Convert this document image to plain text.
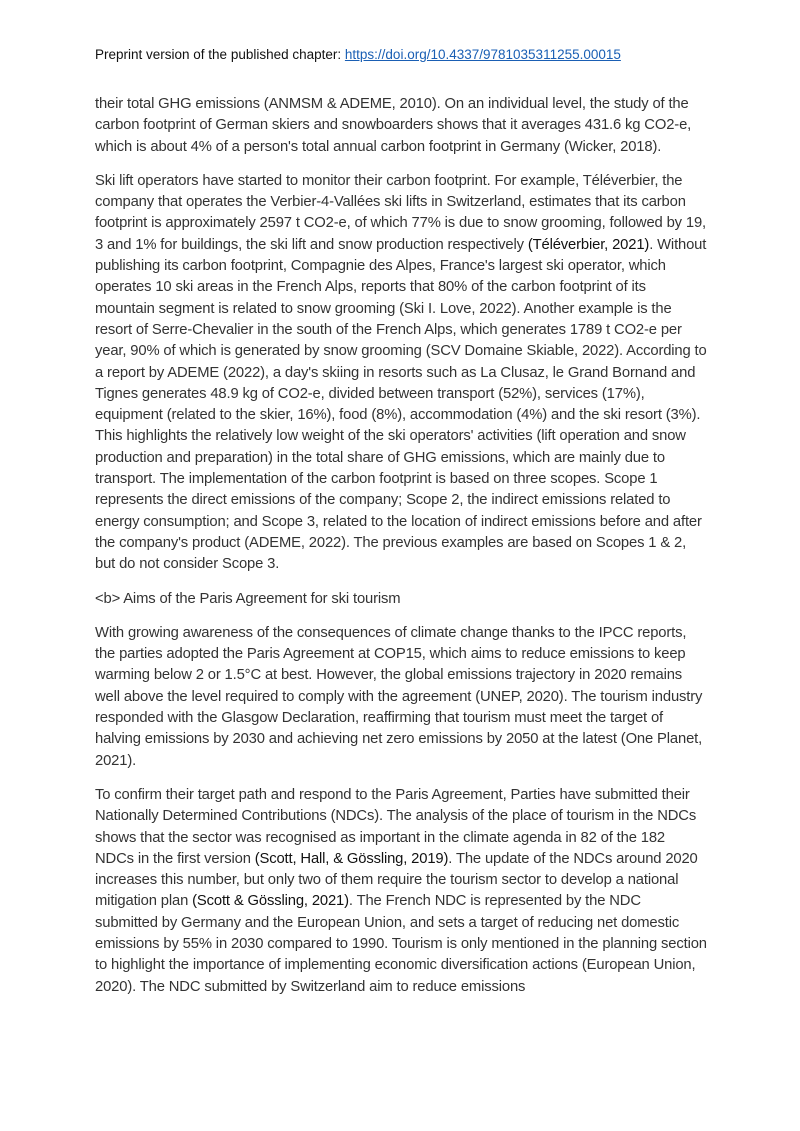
Preprint version of the published chapter: https://doi.org/10.4337/9781035311255.00015

their total GHG emissions (ANMSM & ADEME, 2010). On an individual level, the study of the carbon footprint of German skiers and snowboarders shows that it averages 431.6 kg CO2-e, which is about 4% of a person's total annual carbon footprint in Germany (Wicker, 2018).

Ski lift operators have started to monitor their carbon footprint. For example, Téléverbier, the company that operates the Verbier-4-Vallées ski lifts in Switzerland, estimates that its carbon footprint is approximately 2597 t CO2-e, of which 77% is due to snow grooming, followed by 19, 3 and 1% for buildings, the ski lift and snow production respectively (Téléverbier, 2021). Without publishing its carbon footprint, Compagnie des Alpes, France's largest ski operator, which operates 10 ski areas in the French Alps, reports that 80% of the carbon footprint of its mountain segment is related to snow grooming (Ski I. Love, 2022). Another example is the resort of Serre-Chevalier in the south of the French Alps, which generates 1789 t CO2-e per year, 90% of which is generated by snow grooming (SCV Domaine Skiable, 2022). According to a report by ADEME (2022), a day's skiing in resorts such as La Clusaz, le Grand Bornand and Tignes generates 48.9 kg of CO2-e, divided between transport (52%), services (17%), equipment (related to the skier, 16%), food (8%), accommodation (4%) and the ski resort (3%). This highlights the relatively low weight of the ski operators' activities (lift operation and snow production and preparation) in the total share of GHG emissions, which are mainly due to transport. The implementation of the carbon footprint is based on three scopes. Scope 1 represents the direct emissions of the company; Scope 2, the indirect emissions related to energy consumption; and Scope 3, related to the location of indirect emissions before and after the company's product (ADEME, 2022). The previous examples are based on Scopes 1 & 2, but do not consider Scope 3.

<b> Aims of the Paris Agreement for ski tourism

With growing awareness of the consequences of climate change thanks to the IPCC reports, the parties adopted the Paris Agreement at COP15, which aims to reduce emissions to keep warming below 2 or 1.5°C at best. However, the global emissions trajectory in 2020 remains well above the level required to comply with the agreement (UNEP, 2020). The tourism industry responded with the Glasgow Declaration, reaffirming that tourism must meet the target of halving emissions by 2030 and achieving net zero emissions by 2050 at the latest (One Planet, 2021).

To confirm their target path and respond to the Paris Agreement, Parties have submitted their Nationally Determined Contributions (NDCs). The analysis of the place of tourism in the NDCs shows that the sector was recognised as important in the climate agenda in 82 of the 182 NDCs in the first version (Scott, Hall, & Gössling, 2019). The update of the NDCs around 2020 increases this number, but only two of them require the tourism sector to develop a national mitigation plan (Scott & Gössling, 2021). The French NDC is represented by the NDC submitted by Germany and the European Union, and sets a target of reducing net domestic emissions by 55% in 2030 compared to 1990. Tourism is only mentioned in the planning section to highlight the importance of implementing economic diversification actions (European Union, 2020). The NDC submitted by Switzerland aim to reduce emissions
